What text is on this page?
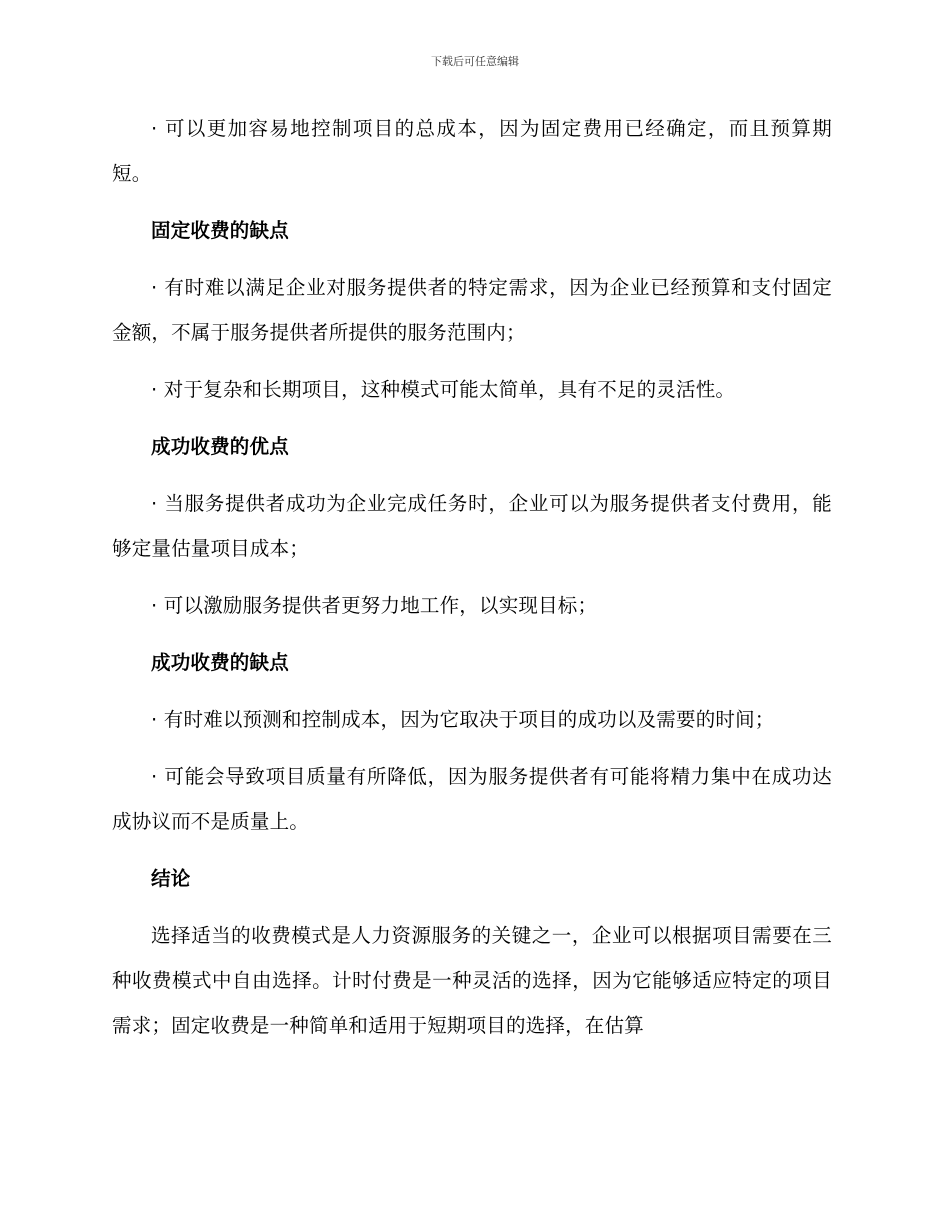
下载后可任意编辑

· 可以更加容易地控制项目的总成本，因为固定费用已经确定，而且预算期短。

固定收费的缺点

· 有时难以满足企业对服务提供者的特定需求，因为企业已经预算和支付固定金额，不属于服务提供者所提供的服务范围内；

· 对于复杂和长期项目，这种模式可能太简单，具有不足的灵活性。

成功收费的优点

· 当服务提供者成功为企业完成任务时，企业可以为服务提供者支付费用，能够定量估量项目成本；

· 可以激励服务提供者更努力地工作，以实现目标；

成功收费的缺点

· 有时难以预测和控制成本，因为它取决于项目的成功以及需要的时间；

· 可能会导致项目质量有所降低，因为服务提供者有可能将精力集中在成功达成协议而不是质量上。

结论

选择适当的收费模式是人力资源服务的关键之一，企业可以根据项目需要在三种收费模式中自由选择。计时付费是一种灵活的选择，因为它能够适应特定的项目需求；固定收费是一种简单和适用于短期项目的选择，在估算
